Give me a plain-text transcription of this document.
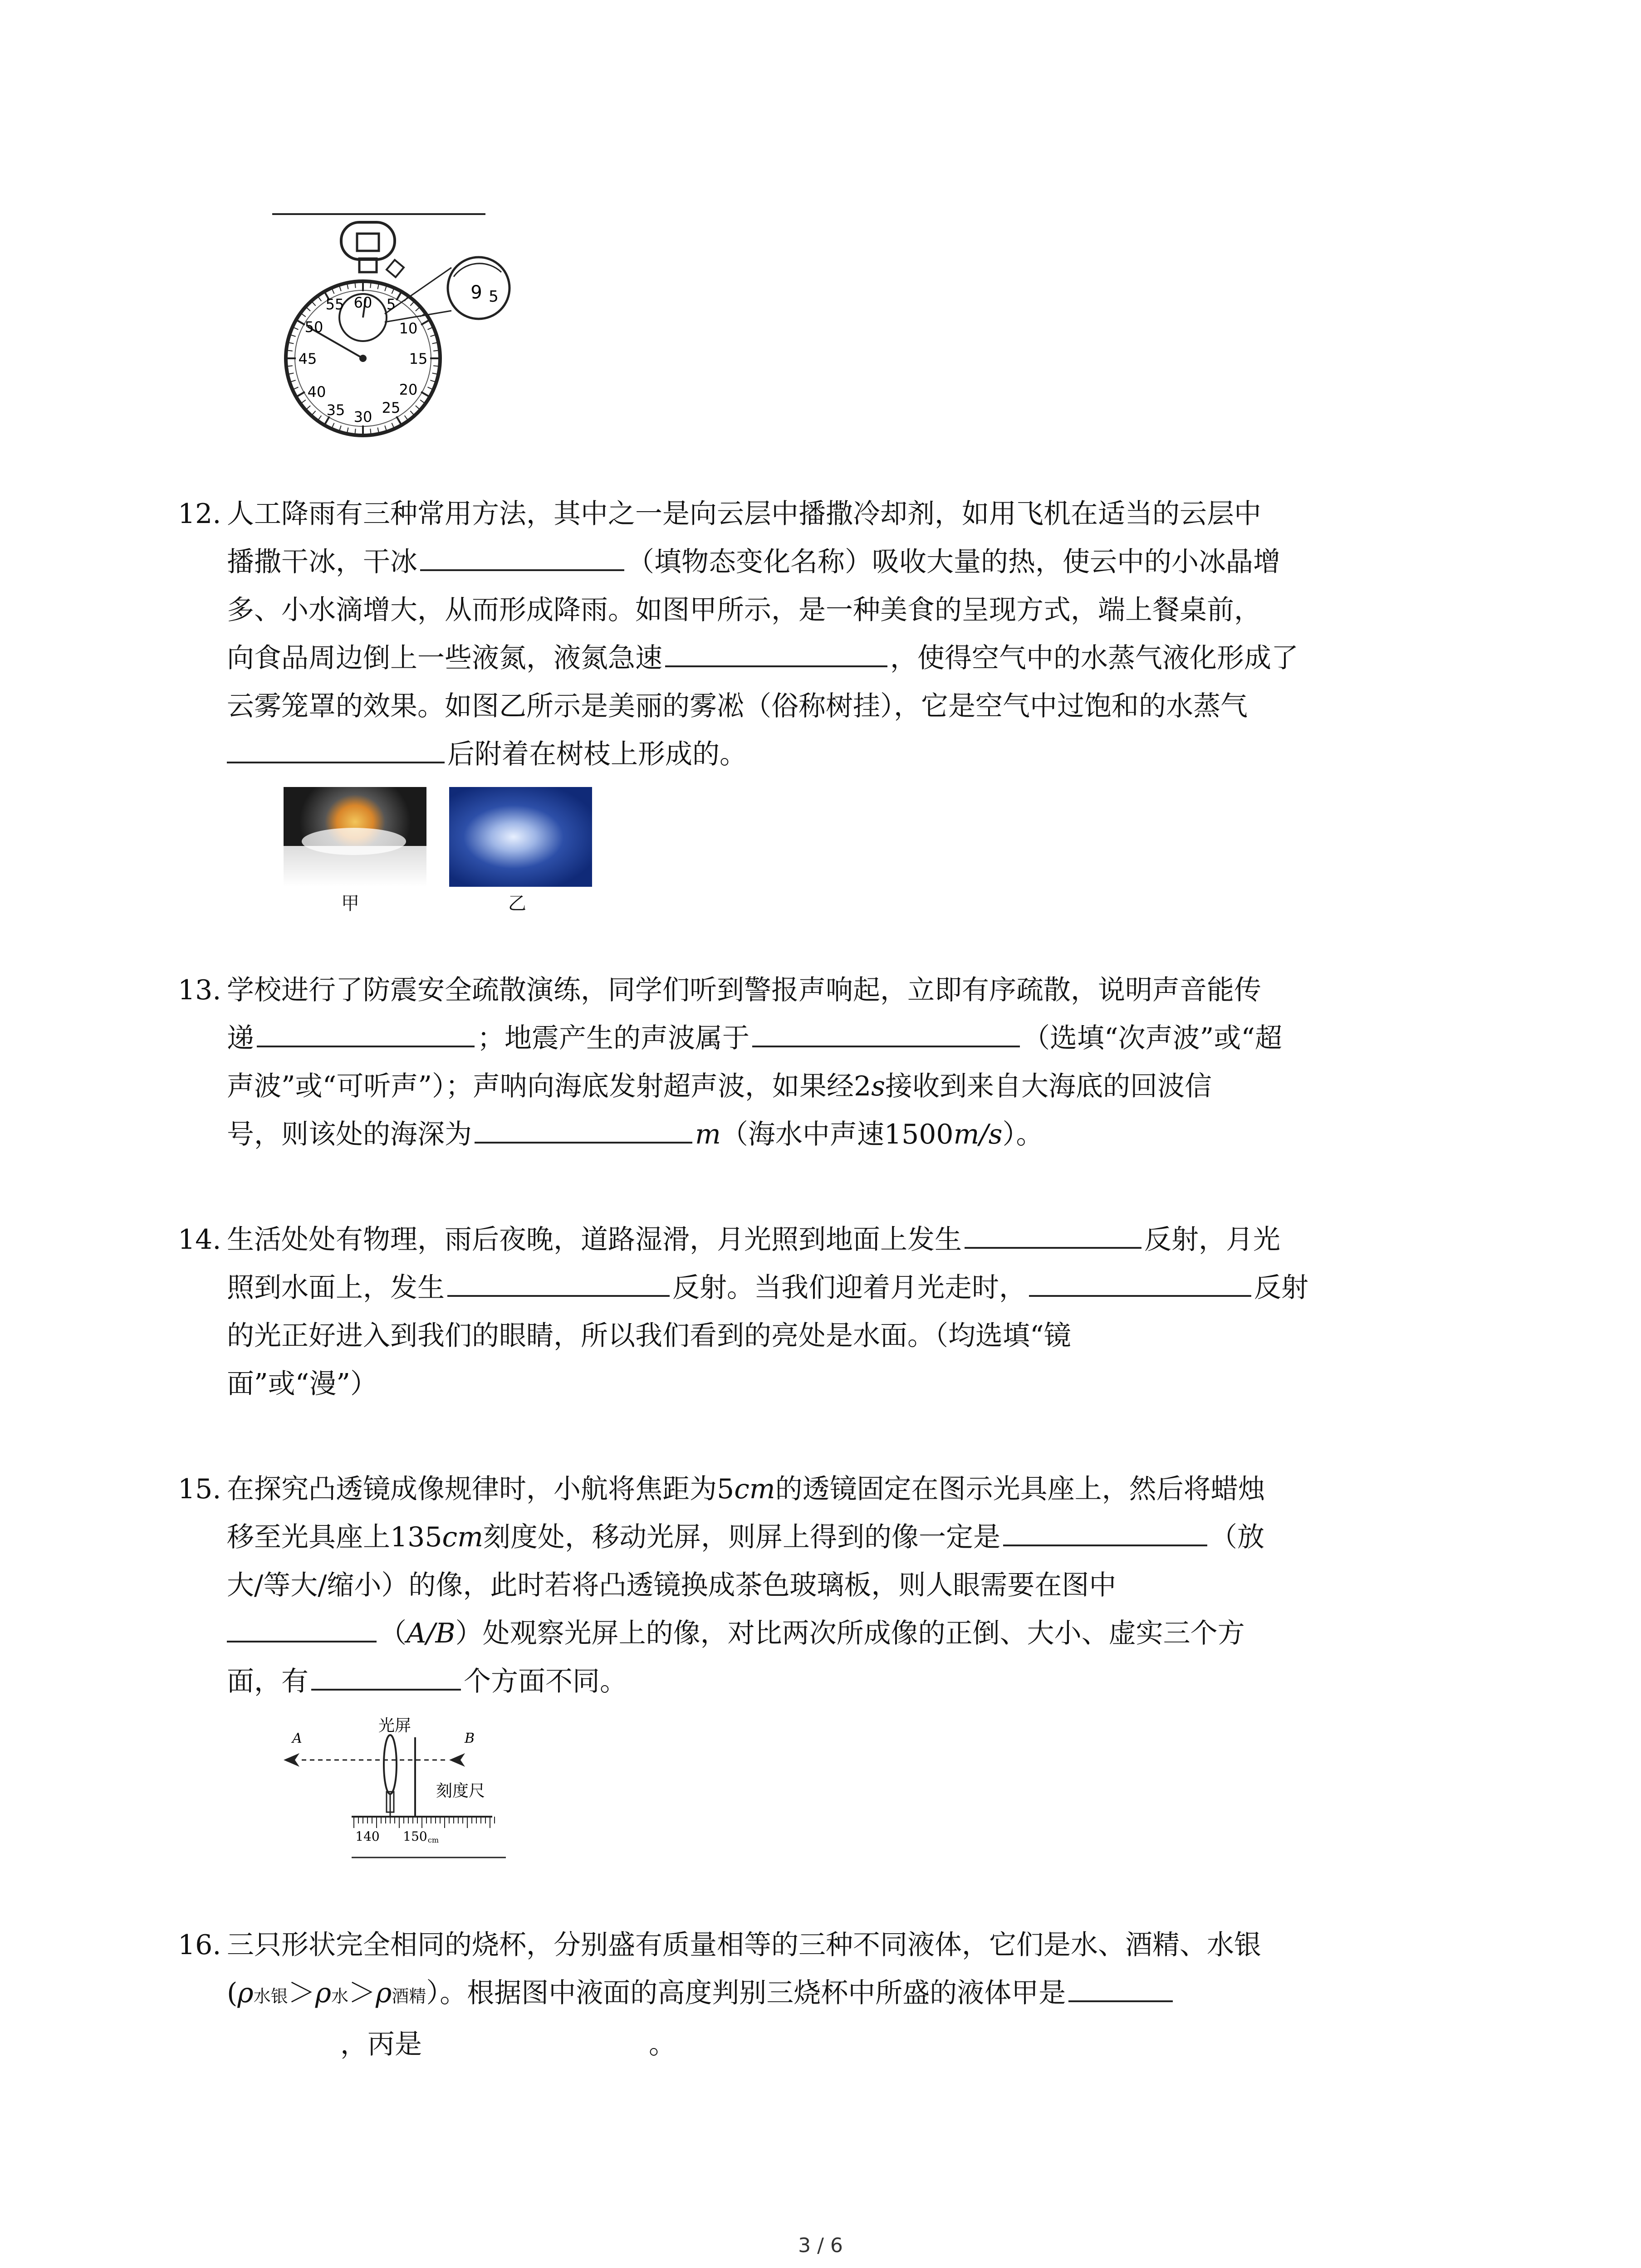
60 5
10
15
20
25
30
35
40
45
50
55
9 5
12. 人工降雨有三种常用方法，其中之一是向云层中播撒冷却剂，如用飞机在适当的云层中
播撒干冰，干冰	（填物态变化名称）吸收大量的热，使云中的小冰晶增
多、小水滴增大，从而形成降雨。如图甲所示，是一种美食的呈现方式，端上餐桌前，
向食品周边倒上一些液氮，液氮急速	，使得空气中的水蒸气液化形成了
云雾笼罩的效果。如图乙所示是美丽的雾凇（俗称树挂），它是空气中过饱和的水蒸气
后附着在树枝上形成的。
甲	乙
13. 学校进行了防震安全疏散演练，同学们听到警报声响起，立即有序疏散，说明声音能传
递	；地震产生的声波属于	（选填“次声波”或“超
声波”或“可听声”）；声呐向海底发射超声波，如果经2s接收到来自大海底的回波信
号，则该处的海深为	m（海水中声速1500m/s）。
14. 生活处处有物理，雨后夜晚，道路湿滑，月光照到地面上发生	反射，月光
照到水面上，发生	反射。当我们迎着月光走时，	反射
的光正好进入到我们的眼睛，所以我们看到的亮处是水面。（均选填“镜
面”或“漫”）
15. 在探究凸透镜成像规律时，小航将焦距为5cm的透镜固定在图示光具座上，然后将蜡烛
移至光具座上135cm刻度处，移动光屏，则屏上得到的像一定是	（放
大/等大/缩小）的像，此时若将凸透镜换成茶色玻璃板，则人眼需要在图中
（A/B）处观察光屏上的像，对比两次所成像的正倒、大小、虚实三个方
面，有	个方面不同。
光屏
A	B
刻度尺
140 150 cm
16. 三只形状完全相同的烧杯，分别盛有质量相等的三种不同液体，它们是水、酒精、水银
(ρ水银＞ρ水＞ρ酒精）。根据图中液面的高度判别三烧杯中所盛的液体甲是
，丙是	。
3 / 6
